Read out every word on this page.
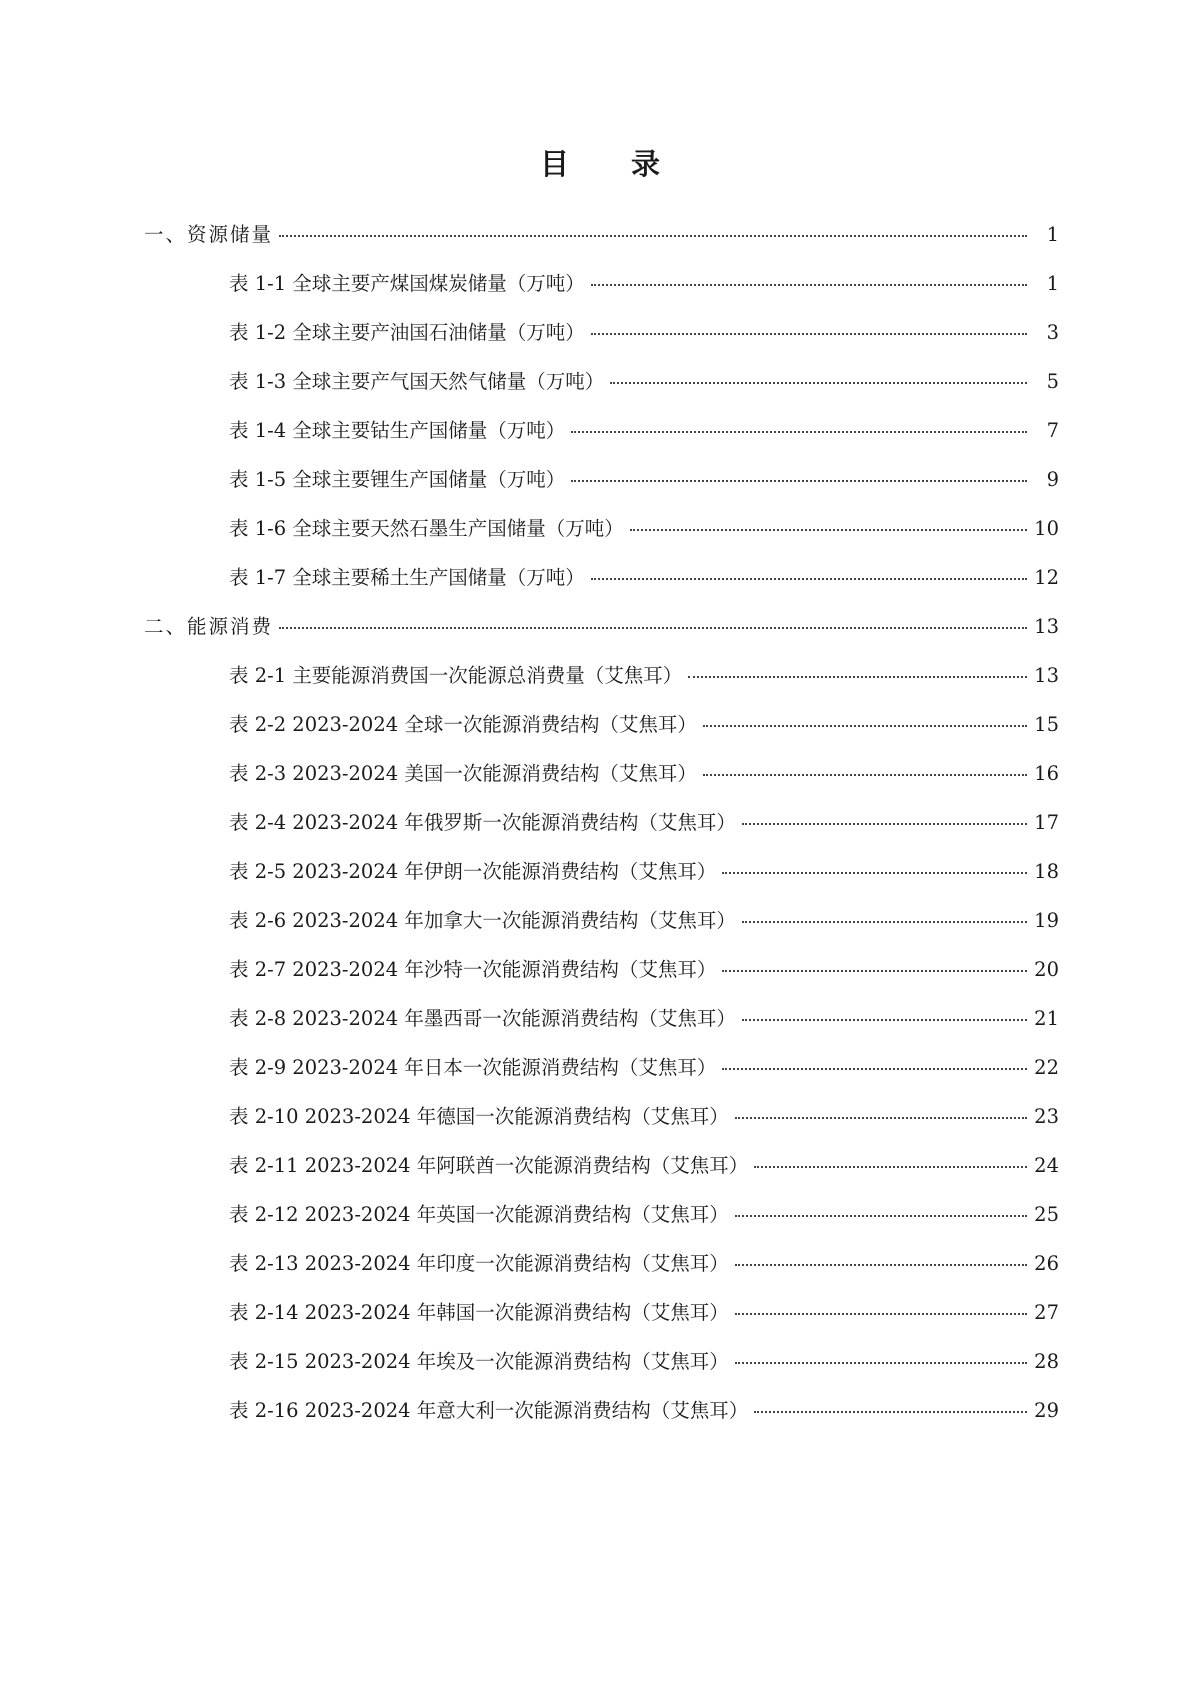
目 录
一、资源储量	1
表 1-1 全球主要产煤国煤炭储量（万吨）	1
表 1-2 全球主要产油国石油储量（万吨）	3
表 1-3 全球主要产气国天然气储量（万吨）	5
表 1-4 全球主要钴生产国储量（万吨）	7
表 1-5 全球主要锂生产国储量（万吨）	9
表 1-6 全球主要天然石墨生产国储量（万吨）	10
表 1-7 全球主要稀土生产国储量（万吨）	12
二、能源消费	13
表 2-1 主要能源消费国一次能源总消费量（艾焦耳）	13
表 2-2 2023-2024 全球一次能源消费结构（艾焦耳）	15
表 2-3 2023-2024 美国一次能源消费结构（艾焦耳）	16
表 2-4 2023-2024 年俄罗斯一次能源消费结构（艾焦耳）	17
表 2-5 2023-2024 年伊朗一次能源消费结构（艾焦耳）	18
表 2-6 2023-2024 年加拿大一次能源消费结构（艾焦耳）	19
表 2-7 2023-2024 年沙特一次能源消费结构（艾焦耳）	20
表 2-8 2023-2024 年墨西哥一次能源消费结构（艾焦耳）	21
表 2-9 2023-2024 年日本一次能源消费结构（艾焦耳）	22
表 2-10 2023-2024 年德国一次能源消费结构（艾焦耳）	23
表 2-11 2023-2024 年阿联酋一次能源消费结构（艾焦耳）	24
表 2-12 2023-2024 年英国一次能源消费结构（艾焦耳）	25
表 2-13 2023-2024 年印度一次能源消费结构（艾焦耳）	26
表 2-14 2023-2024 年韩国一次能源消费结构（艾焦耳）	27
表 2-15 2023-2024 年埃及一次能源消费结构（艾焦耳）	28
表 2-16 2023-2024 年意大利一次能源消费结构（艾焦耳）	29
